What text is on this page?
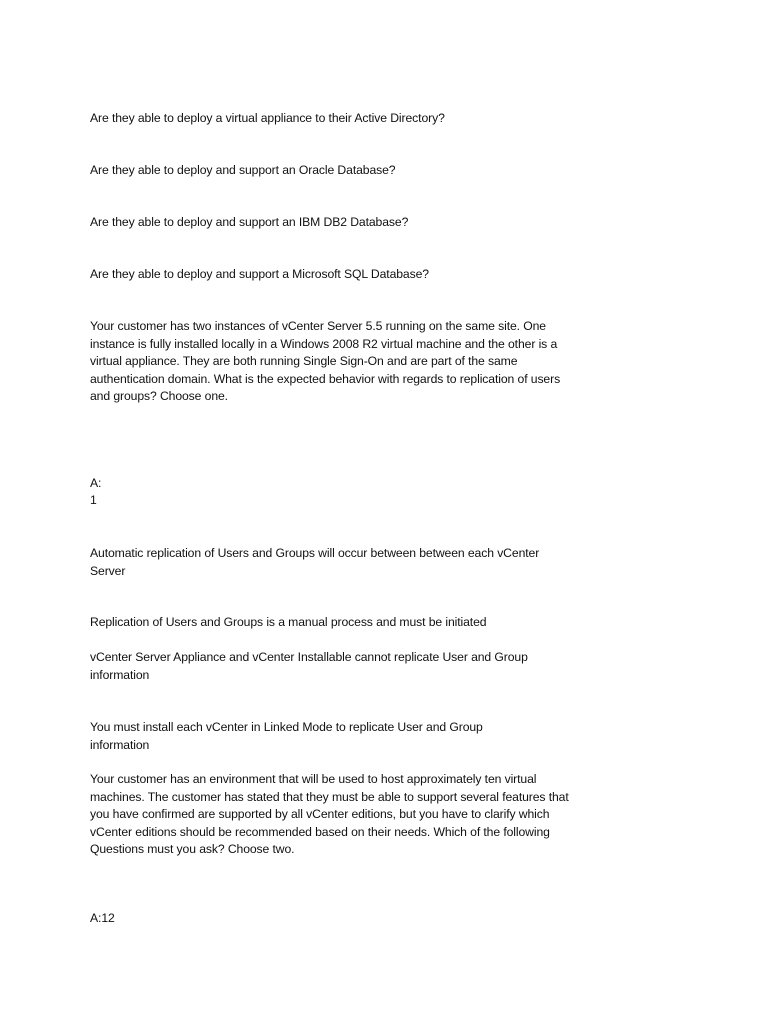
Are they able to deploy a virtual appliance to their Active Directory?
Are they able to deploy and support an Oracle Database?
Are they able to deploy and support an IBM DB2 Database?
Are they able to deploy and support a Microsoft SQL Database?
Your customer has two instances of vCenter Server 5.5 running on the same site. One instance is fully installed locally in a Windows 2008 R2 virtual machine and the other is a virtual appliance. They are both running Single Sign-On and are part of the same authentication domain. What is the expected behavior with regards to replication of users and groups? Choose one.
A:
1
Automatic replication of Users and Groups will occur between between each vCenter Server
Replication of Users and Groups is a manual process and must be initiated
vCenter Server Appliance and vCenter Installable cannot replicate User and Group information
You must install each vCenter in Linked Mode to replicate User and Group information
Your customer has an environment that will be used to host approximately ten virtual machines. The customer has stated that they must be able to support several features that you have confirmed are supported by all vCenter editions, but you have to clarify which vCenter editions should be recommended based on their needs. Which of the following Questions must you ask? Choose two.
A:12
